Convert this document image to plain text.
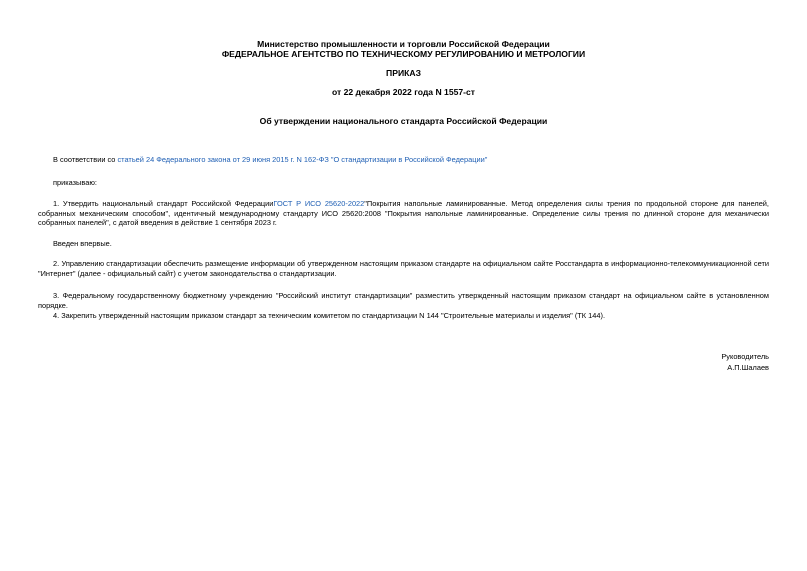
Министерство промышленности и торговли Российской Федерации
ФЕДЕРАЛЬНОЕ АГЕНТСТВО ПО ТЕХНИЧЕСКОМУ РЕГУЛИРОВАНИЮ И МЕТРОЛОГИИ
ПРИКАЗ
от 22 декабря 2022 года N 1557-ст
Об утверждении национального стандарта Российской Федерации
В соответствии со статьей 24 Федерального закона от 29 июня 2015 г. N 162-ФЗ "О стандартизации в Российской Федерации"
приказываю:
1. Утвердить национальный стандарт Российской ФедерацииГОСТ Р ИСО 25620-2022"Покрытия напольные ламинированные. Метод определения силы трения по продольной стороне для панелей, собранных механическим способом", идентичный международному стандарту ИСО 25620:2008 "Покрытия напольные ламинированные. Определение силы трения по длинной стороне для механически собранных панелей", с датой введения в действие 1 сентября 2023 г.
Введен впервые.
2. Управлению стандартизации обеспечить размещение информации об утвержденном настоящим приказом стандарте на официальном сайте Росстандарта в информационно-телекоммуникационной сети "Интернет" (далее - официальный сайт) с учетом законодательства о стандартизации.
3. Федеральному государственному бюджетному учреждению "Российский институт стандартизации" разместить утвержденный настоящим приказом стандарт на официальном сайте в установленном порядке.
4. Закрепить утвержденный настоящим приказом стандарт за техническим комитетом по стандартизации N 144 "Строительные материалы и изделия" (ТК 144).
Руководитель
А.П.Шалаев
